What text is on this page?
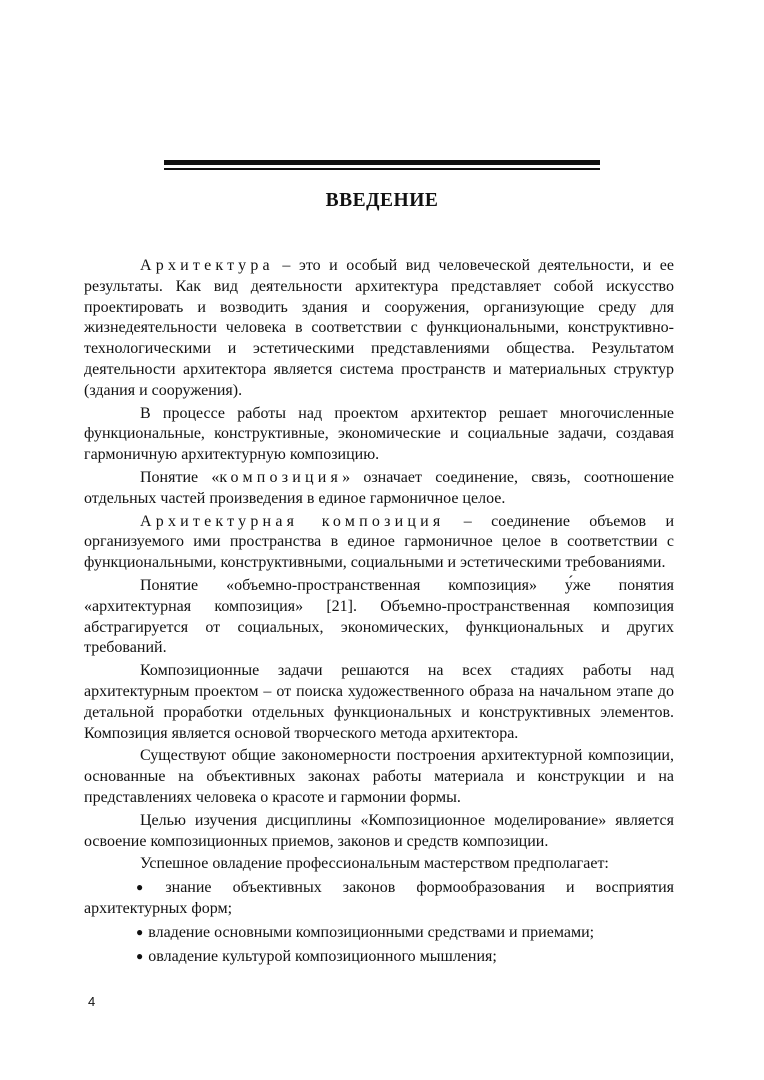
ВВЕДЕНИЕ

Архитектура – это и особый вид человеческой деятельности, и ее результаты. Как вид деятельности архитектура представляет собой искусство проектировать и возводить здания и сооружения, организующие среду для жизнедеятельности человека в соответствии с функциональными, конструктивно-технологическими и эстетическими представлениями общества. Результатом деятельности архитектора является система пространств и материальных структур (здания и сооружения).

В процессе работы над проектом архитектор решает многочисленные функциональные, конструктивные, экономические и социальные задачи, создавая гармоничную архитектурную композицию.

Понятие «композиция» означает соединение, связь, соотношение отдельных частей произведения в единое гармоничное целое.

Архитектурная композиция – соединение объемов и организуемого ими пространства в единое гармоничное целое в соответствии с функциональными, конструктивными, социальными и эстетическими требованиями.

Понятие «объемно-пространственная композиция» у́же понятия «архитектурная композиция» [21]. Объемно-пространственная композиция абстрагируется от социальных, экономических, функциональных и других требований.

Композиционные задачи решаются на всех стадиях работы над архитектурным проектом – от поиска художественного образа на начальном этапе до детальной проработки отдельных функциональных и конструктивных элементов. Композиция является основой творческого метода архитектора.

Существуют общие закономерности построения архитектурной композиции, основанные на объективных законах работы материала и конструкции и на представлениях человека о красоте и гармонии формы.

Целью изучения дисциплины «Композиционное моделирование» является освоение композиционных приемов, законов и средств композиции.

Успешное овладение профессиональным мастерством предполагает:

● знание объективных законов формообразования и восприятия архитектурных форм;

● владение основными композиционными средствами и приемами;

● овладение культурой композиционного мышления;

4
